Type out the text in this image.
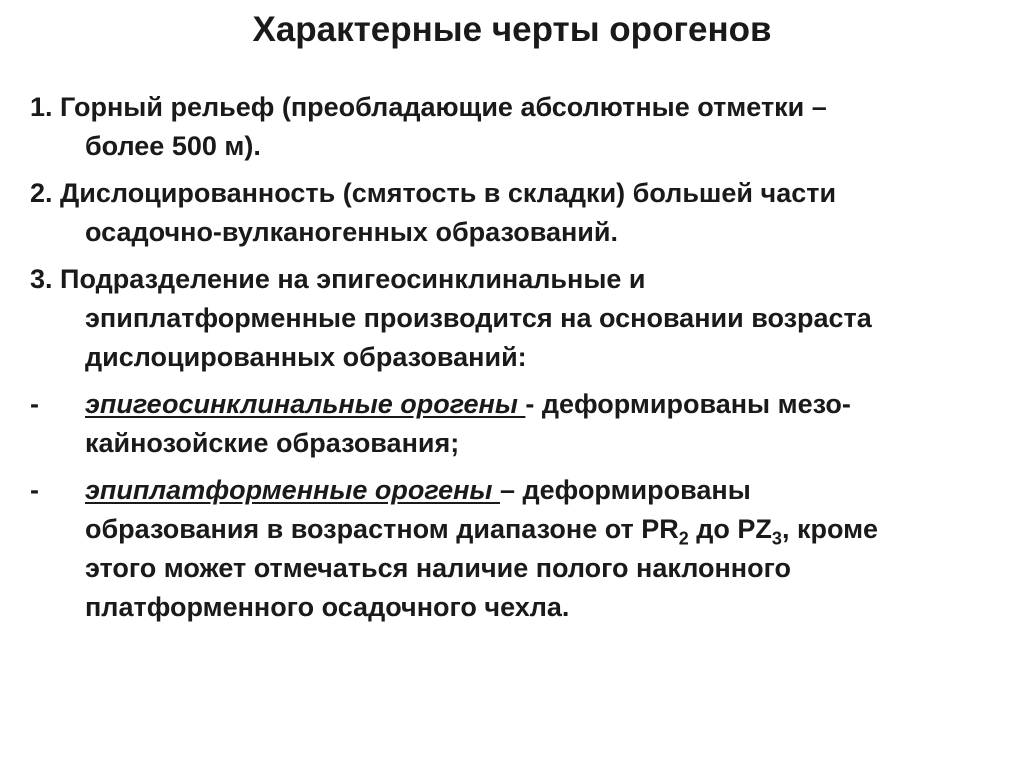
Характерные черты орогенов
1. Горный рельеф (преобладающие абсолютные отметки –
более 500 м).
2. Дислоцированность (смятость в складки) большей части
осадочно-вулканогенных образований.
3. Подразделение на эпигеосинклинальные и
эпиплатформенные производится на основании возраста
дислоцированных образований:
-	эпигеосинклинальные орогены - деформированы мезо-
кайнозойские образования;
-	эпиплатформенные орогены – деформированы
образования в возрастном диапазоне от $PR_2$ до $PZ_3$, кроме
этого может отмечаться наличие полого наклонного
платформенного осадочного чехла.
